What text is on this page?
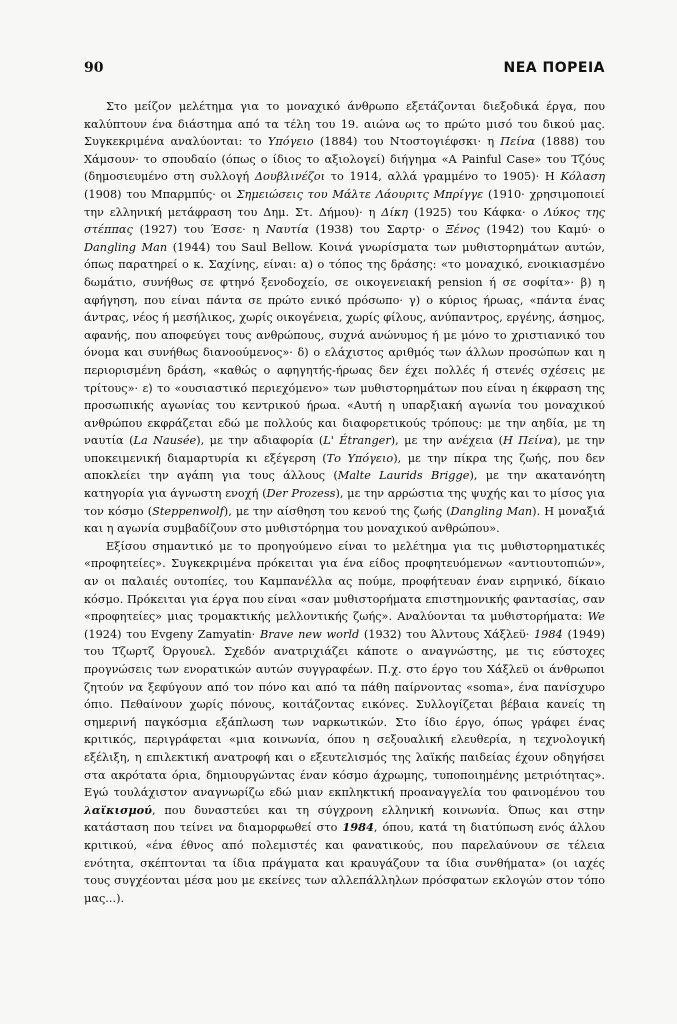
90	ΝΕΑ ΠΟΡΕΙΑ

Στο μείζον μελέτημα για το μοναχικό άνθρωπο εξετάζονται διεξοδικά έργα, που καλύπτουν ένα διάστημα από τα τέλη του 19. αιώνα ως το πρώτο μισό του δικού μας. Συγκεκριμένα αναλύονται: το Υπόγειο (1884) του Ντοστογιέφσκι· η Πείνα (1888) του Χάμσουν· το σπουδαίο (όπως ο ίδιος το αξιολογεί) διήγημα «A Painful Case» του Τζόυς (δημοσιευμένο στη συλλογή Δουβλινέζοι το 1914, αλλά γραμμένο το 1905)· Η Κόλαση (1908) του Μπαρμπύς· οι Σημειώσεις του Μάλτε Λάουριτς Μπρίγγε (1910· χρησιμοποιεί την ελληνική μετάφραση του Δημ. Στ. Δήμου)· η Δίκη (1925) του Κάφκα· ο Λύκος της στέππας (1927) του Έσσε· η Ναυτία (1938) του Σαρτρ· ο Ξένος (1942) του Καμύ· ο Dangling Man (1944) του Saul Bellow. Κοινά γνωρίσματα των μυθιστορημάτων αυτών, όπως παρατηρεί ο κ. Σαχίνης, είναι: α) ο τόπος της δράσης: «το μοναχικό, ενοικιασμένο δωμάτιο, συνήθως σε φτηνό ξενοδοχείο, σε οικογενειακή pension ή σε σοφίτα»· β) η αφήγηση, που είναι πάντα σε πρώτο ενικό πρόσωπο· γ) ο κύριος ήρωας, «πάντα ένας άντρας, νέος ή μεσήλικος, χωρίς οικογένεια, χωρίς φίλους, ανύπαντρος, εργένης, άσημος, αφανής, που αποφεύγει τους ανθρώπους, συχνά ανώνυμος ή με μόνο το χριστιανικό του όνομα και συνήθως διανοούμενος»· δ) ο ελάχιστος αριθμός των άλλων προσώπων και η περιορισμένη δράση, «καθώς ο αφηγητής-ήρωας δεν έχει πολλές ή στενές σχέσεις με τρίτους»· ε) το «ουσιαστικό περιεχόμενο» των μυθιστορημάτων που είναι η έκφραση της προσωπικής αγωνίας του κεντρικού ήρωα. «Αυτή η υπαρξιακή αγωνία του μοναχικού ανθρώπου εκφράζεται εδώ με πολλούς και διαφορετικούς τρόπους: με την αηδία, με τη ναυτία (La Nausée), με την αδιαφορία (L' Étranger), με την ανέχεια (Η Πείνα), με την υποκειμενική διαμαρτυρία κι εξέγερση (Το Υπόγειο), με την πίκρα της ζωής, που δεν αποκλείει την αγάπη για τους άλλους (Malte Laurids Brigge), με την ακατανόητη κατηγορία για άγνωστη ενοχή (Der Prozess), με την αρρώστια της ψυχής και το μίσος για τον κόσμο (Steppenwolf), με την αίσθηση του κενού της ζωής (Dangling Man). Η μοναξιά και η αγωνία συμβαδίζουν στο μυθιστόρημα του μοναχικού ανθρώπου».

Εξίσου σημαντικό με το προηγούμενο είναι το μελέτημα για τις μυθιστορηματικές «προφητείες». Συγκεκριμένα πρόκειται για ένα είδος προφητευόμενων «αντιουτοπιών», αν οι παλαιές ουτοπίες, του Καμπανέλλα ας πούμε, προφήτευαν έναν ειρηνικό, δίκαιο κόσμο. Πρόκειται για έργα που είναι «σαν μυθιστορήματα επιστημονικής φαντασίας, σαν «προφητείες» μιας τρομακτικής μελλοντικής ζωής». Αναλύονται τα μυθιστορήματα: We (1924) του Evgeny Zamyatin· Brave new world (1932) του Άλντους Χάξλεϋ· 1984 (1949) του Τζωρτζ Όργουελ. Σχεδόν ανατριχιάζει κάποτε ο αναγνώστης, με τις εύστοχες προγνώσεις των ενορατικών αυτών συγγραφέων. Π.χ. στο έργο του Χάξλεϋ οι άνθρωποι ζητούν να ξεφύγουν από τον πόνο και από τα πάθη παίρνοντας «soma», ένα πανίσχυρο όπιο. Πεθαίνουν χωρίς πόνους, κοιτάζοντας εικόνες. Συλλογίζεται βέβαια κανείς τη σημερινή παγκόσμια εξάπλωση των ναρκωτικών. Στο ίδιο έργο, όπως γράφει ένας κριτικός, περιγράφεται «μια κοινωνία, όπου η σεξουαλική ελευθερία, η τεχνολογική εξέλιξη, η επιλεκτική ανατροφή και ο εξευτελισμός της λαϊκής παιδείας έχουν οδηγήσει στα ακρότατα όρια, δημιουργώντας έναν κόσμο άχρωμης, τυποποιημένης μετριότητας». Εγώ τουλάχιστον αναγνωρίζω εδώ μιαν εκπληκτική προαναγγελία του φαινομένου του λαϊκισμού, που δυναστεύει και τη σύγχρονη ελληνική κοινωνία. Όπως και στην κατάσταση που τείνει να διαμορφωθεί στο 1984, όπου, κατά τη διατύπωση ενός άλλου κριτικού, «ένα έθνος από πολεμιστές και φανατικούς, που παρελαύνουν σε τέλεια ενότητα, σκέπτονται τα ίδια πράγματα και κραυγάζουν τα ίδια συνθήματα» (οι ιαχές τους συγχέονται μέσα μου με εκείνες των αλλεπάλληλων πρόσφατων εκλογών στον τόπο μας...).
